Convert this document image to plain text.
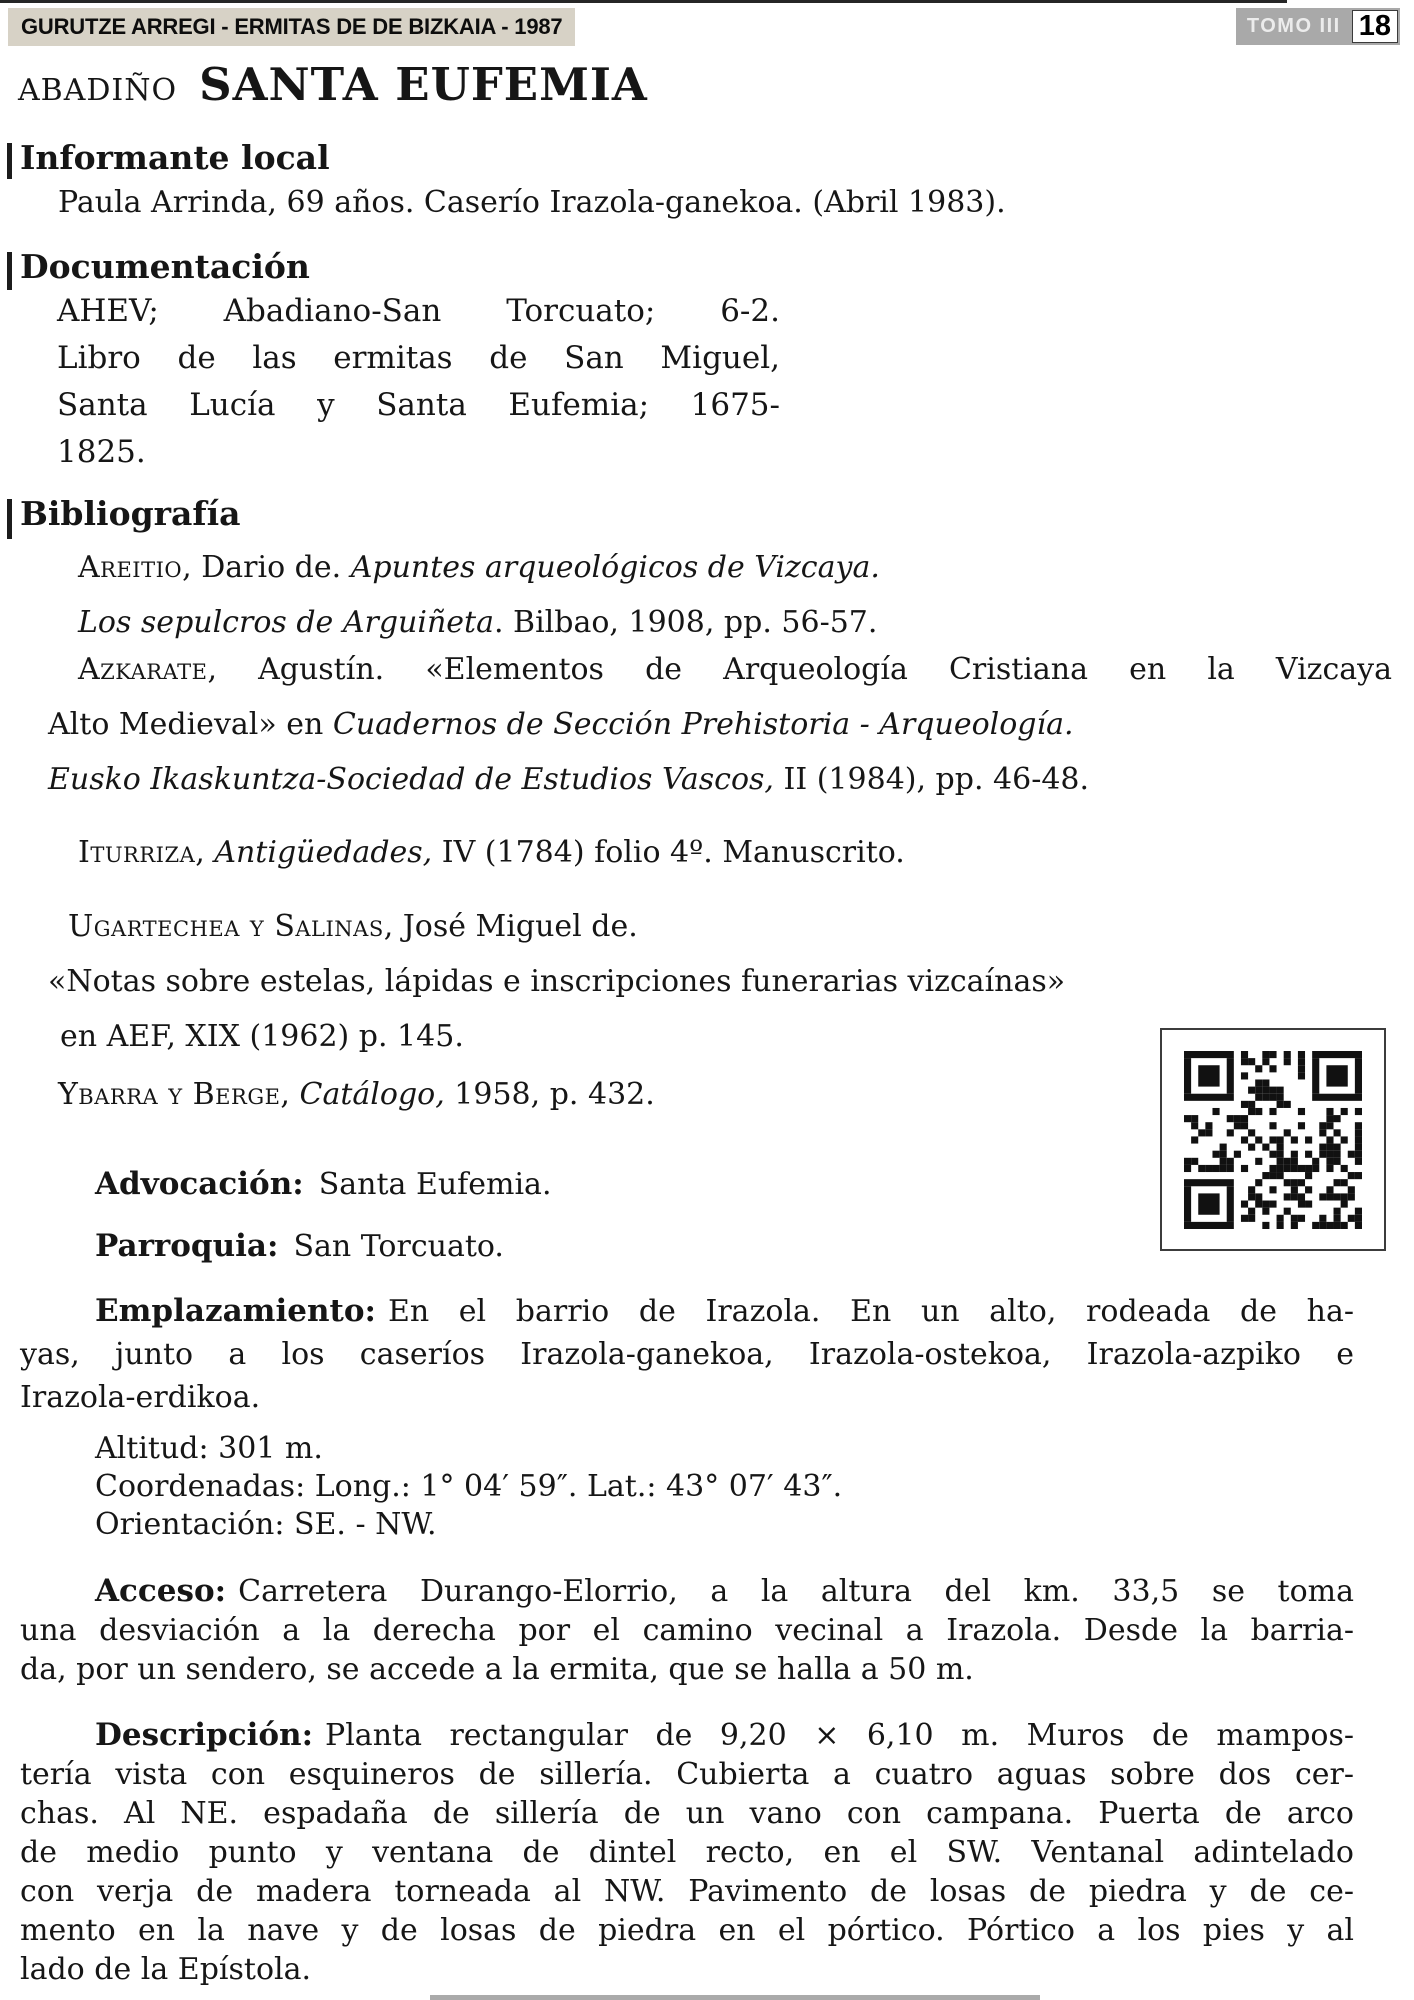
GURUTZE ARREGI - ERMITAS DE DE BIZKAIA - 1987	TOMO III 18
ABADIÑO SANTA EUFEMIA
Informante local
Paula Arrinda, 69 años. Caserío Irazola-ganekoa. (Abril 1983).
Documentación
AHEV; Abadiano-San Torcuato; 6-2.
Libro de las ermitas de San Miguel,
Santa Lucía y Santa Eufemia; 1675-
1825.
Bibliografía
Areitio, Dario de. Apuntes arqueológicos de Vizcaya.
Los sepulcros de Arguiñeta. Bilbao, 1908, pp. 56-57.
Azkarate, Agustín. «Elementos de Arqueología Cristiana en la Vizcaya
Alto Medieval» en Cuadernos de Sección Prehistoria - Arqueología.
Eusko Ikaskuntza-Sociedad de Estudios Vascos, II (1984), pp. 46-48.
Iturriza, Antigüedades, IV (1784) folio 4º. Manuscrito.
Ugartechea y Salinas, José Miguel de.
«Notas sobre estelas, lápidas e inscripciones funerarias vizcaínas»
en AEF, XIX (1962) p. 145.
Ybarra y Berge, Catálogo, 1958, p. 432.
Advocación: Santa Eufemia.
Parroquia: San Torcuato.
Emplazamiento: En el barrio de Irazola. En un alto, rodeada de ha-
yas, junto a los caseríos Irazola-ganekoa, Irazola-ostekoa, Irazola-azpiko e
Irazola-erdikoa.
Altitud: 301 m.
Coordenadas: Long.: 1° 04′ 59″. Lat.: 43° 07′ 43″.
Orientación: SE. - NW.
Acceso: Carretera Durango-Elorrio, a la altura del km. 33,5 se toma
una desviación a la derecha por el camino vecinal a Irazola. Desde la barria-
da, por un sendero, se accede a la ermita, que se halla a 50 m.
Descripción: Planta rectangular de 9,20 × 6,10 m. Muros de mampos-
tería vista con esquineros de sillería. Cubierta a cuatro aguas sobre dos cer-
chas. Al NE. espadaña de sillería de un vano con campana. Puerta de arco
de medio punto y ventana de dintel recto, en el SW. Ventanal adintelado
con verja de madera torneada al NW. Pavimento de losas de piedra y de ce-
mento en la nave y de losas de piedra en el pórtico. Pórtico a los pies y al
lado de la Epístola.
